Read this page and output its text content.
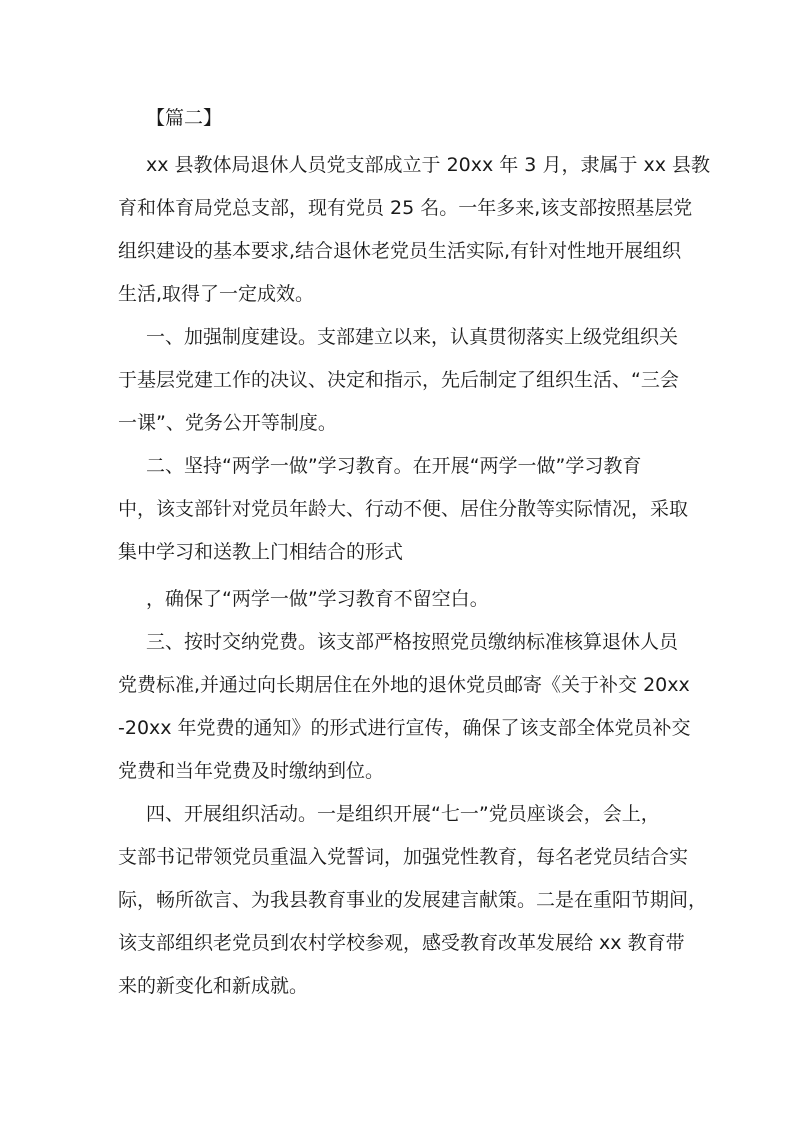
【篇二】
xx 县教体局退休人员党支部成立于 20xx 年 3 月，隶属于 xx 县教
育和体育局党总支部，现有党员 25 名。一年多来,该支部按照基层党
组织建设的基本要求,结合退休老党员生活实际,有针对性地开展组织
生活,取得了一定成效。
一、加强制度建设。支部建立以来，认真贯彻落实上级党组织关
于基层党建工作的决议、决定和指示，先后制定了组织生活、“三会
一课”、党务公开等制度。
二、坚持“两学一做”学习教育。在开展“两学一做”学习教育
中，该支部针对党员年龄大、行动不便、居住分散等实际情况，采取
集中学习和送教上门相结合的形式
，确保了“两学一做”学习教育不留空白。
三、按时交纳党费。该支部严格按照党员缴纳标准核算退休人员
党费标准,并通过向长期居住在外地的退休党员邮寄《关于补交 20xx
-20xx 年党费的通知》的形式进行宣传，确保了该支部全体党员补交
党费和当年党费及时缴纳到位。
四、开展组织活动。一是组织开展“七一”党员座谈会，会上，
支部书记带领党员重温入党誓词，加强党性教育，每名老党员结合实
际，畅所欲言、为我县教育事业的发展建言献策。二是在重阳节期间，
该支部组织老党员到农村学校参观，感受教育改革发展给 xx 教育带
来的新变化和新成就。
